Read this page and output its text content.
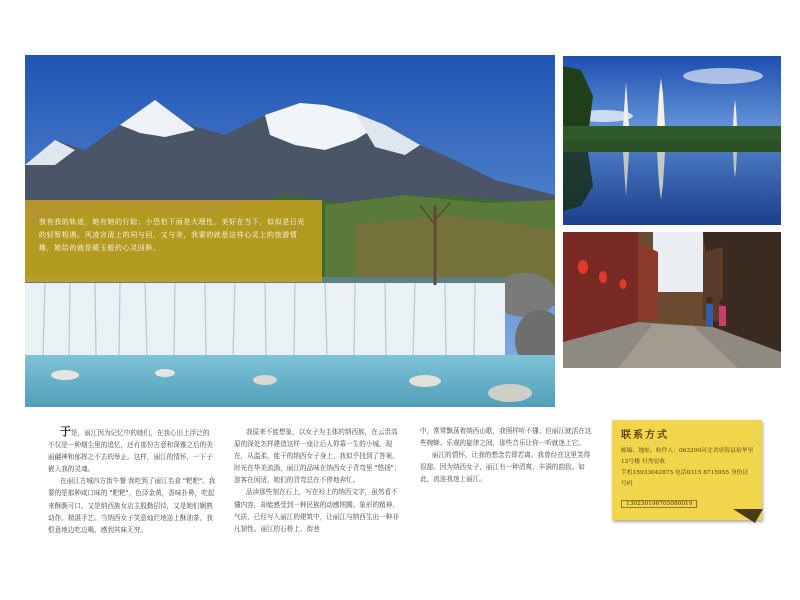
我有我的轨迹，她有她的行踪；小恐怕下面是大理性，美好在当下，似似是日光的轻暂相遇。风凌言清上的同与回，又与美，我要的就是这样心灵上的旅游情趣，她给的就是暖玉般的心灵回眸。

于是，丽江因为记忆中的她们，在我心田上浮泛的不仅是一种烟尘里的追忆，还有那份古意和深雅之后的美丽翩神和郁挥之不去的举止。这样，丽江的情怀，一下子嵌入我的灵魂。

在丽江古城四方街午餐 我吃到了丽江名食 "粑粑"。我要的是那种咸口味的 "粑粑"，色泽金黄，香味扑鼻，吃起来酥脆可口。又是纳西族女店主殷勤招待，又是她们娴熟动作、精湛手艺。当纳西女子笑意灿烂地送上酥油茶，我恨意地边吃边喝，感到其味无穷。

我原来不能想象，以女子为主体的纳西族，在云贵高原的深处怎样建造这样一座让后人仰慕一生的小城。现在，从温柔、能干的纳西女子身上，我似乎找到了答案。时光在华美流淌，丽江的品味在纳西女子背弯里 "悠扬"；游客在闲适，她们的背弯总在不停地奔忙。

品读那些刻在石上，写在衫上的纳西文字，虽然看不懂内容，却能感受到一种民族的动感图腾。象形的精神、气质，已经写入丽江的建筑中，让丽江与纳西生出一种非凡韧性。丽江的石桥上、街巷

中，常常飘荡着纳西山歌，我照样听不懂；但丽江就活在这些婉蝉、乐观的旋律之间，那些音乐让你一听就迷上它。

丽江的情怀，让我的想念若即若离。我曾经在这里笑得很甜。因为纳西女子，丽江有一种清爽、丰满的韵致。如此，流连我迷上丽江。

联系方式
邮编、地址、收件人：063200河北省唐海县裕华里
12号楼 付秀宏收
手机15933042875 电话0315 8715955 身份证号码
130230196705080019
